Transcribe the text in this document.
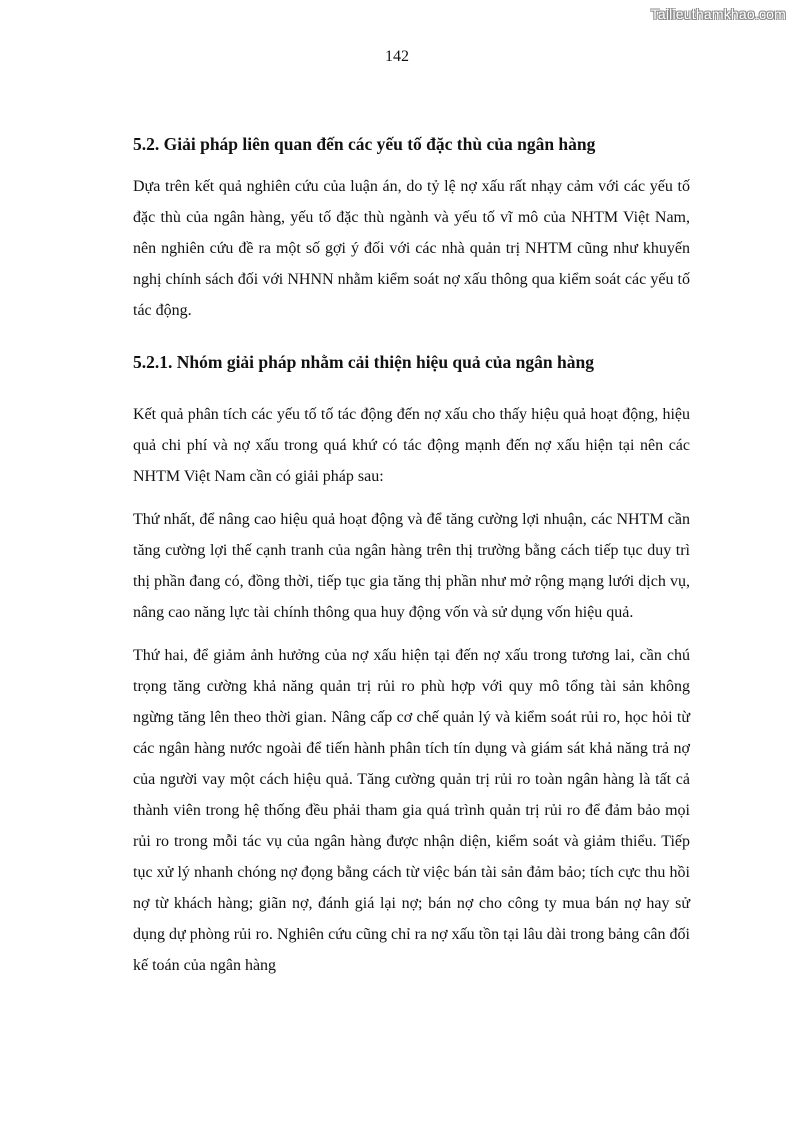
Tailieuthamkhao.com
142
5.2. Giải pháp liên quan đến các yếu tố đặc thù của ngân hàng

Dựa trên kết quả nghiên cứu của luận án, do tỷ lệ nợ xấu rất nhạy cảm với các yếu tố đặc thù của ngân hàng, yếu tố đặc thù ngành và yếu tố vĩ mô của NHTM Việt Nam, nên nghiên cứu đề ra một số gợi ý đối với các nhà quản trị NHTM cũng như khuyến nghị chính sách đối với NHNN nhằm kiểm soát nợ xấu thông qua kiểm soát các yếu tố tác động.

5.2.1. Nhóm giải pháp nhằm cải thiện hiệu quả của ngân hàng

Kết quả phân tích các yếu tố tố tác động đến nợ xấu cho thấy hiệu quả hoạt động, hiệu quả chi phí và nợ xấu trong quá khứ có tác động mạnh đến nợ xấu hiện tại nên các NHTM Việt Nam cần có giải pháp sau:

Thứ nhất, để nâng cao hiệu quả hoạt động và để tăng cường lợi nhuận, các NHTM cần tăng cường lợi thế cạnh tranh của ngân hàng trên thị trường bằng cách tiếp tục duy trì thị phần đang có, đồng thời, tiếp tục gia tăng thị phần như mở rộng mạng lưới dịch vụ, nâng cao năng lực tài chính thông qua huy động vốn và sử dụng vốn hiệu quả.

Thứ hai, để giảm ảnh hưởng của nợ xấu hiện tại đến nợ xấu trong tương lai, cần chú trọng tăng cường khả năng quản trị rủi ro phù hợp với quy mô tổng tài sản không ngừng tăng lên theo thời gian. Nâng cấp cơ chế quản lý và kiểm soát rủi ro, học hỏi từ các ngân hàng nước ngoài để tiến hành phân tích tín dụng và giám sát khả năng trả nợ của người vay một cách hiệu quả. Tăng cường quản trị rủi ro toàn ngân hàng là tất cả thành viên trong hệ thống đều phải tham gia quá trình quản trị rủi ro để đảm bảo mọi rủi ro trong mỗi tác vụ của ngân hàng được nhận diện, kiểm soát và giảm thiểu. Tiếp tục xử lý nhanh chóng nợ đọng bằng cách từ việc bán tài sản đảm bảo; tích cực thu hồi nợ từ khách hàng; giãn nợ, đánh giá lại nợ; bán nợ cho công ty mua bán nợ hay sử dụng dự phòng rủi ro. Nghiên cứu cũng chỉ ra nợ xấu tồn tại lâu dài trong bảng cân đối kế toán của ngân hàng
